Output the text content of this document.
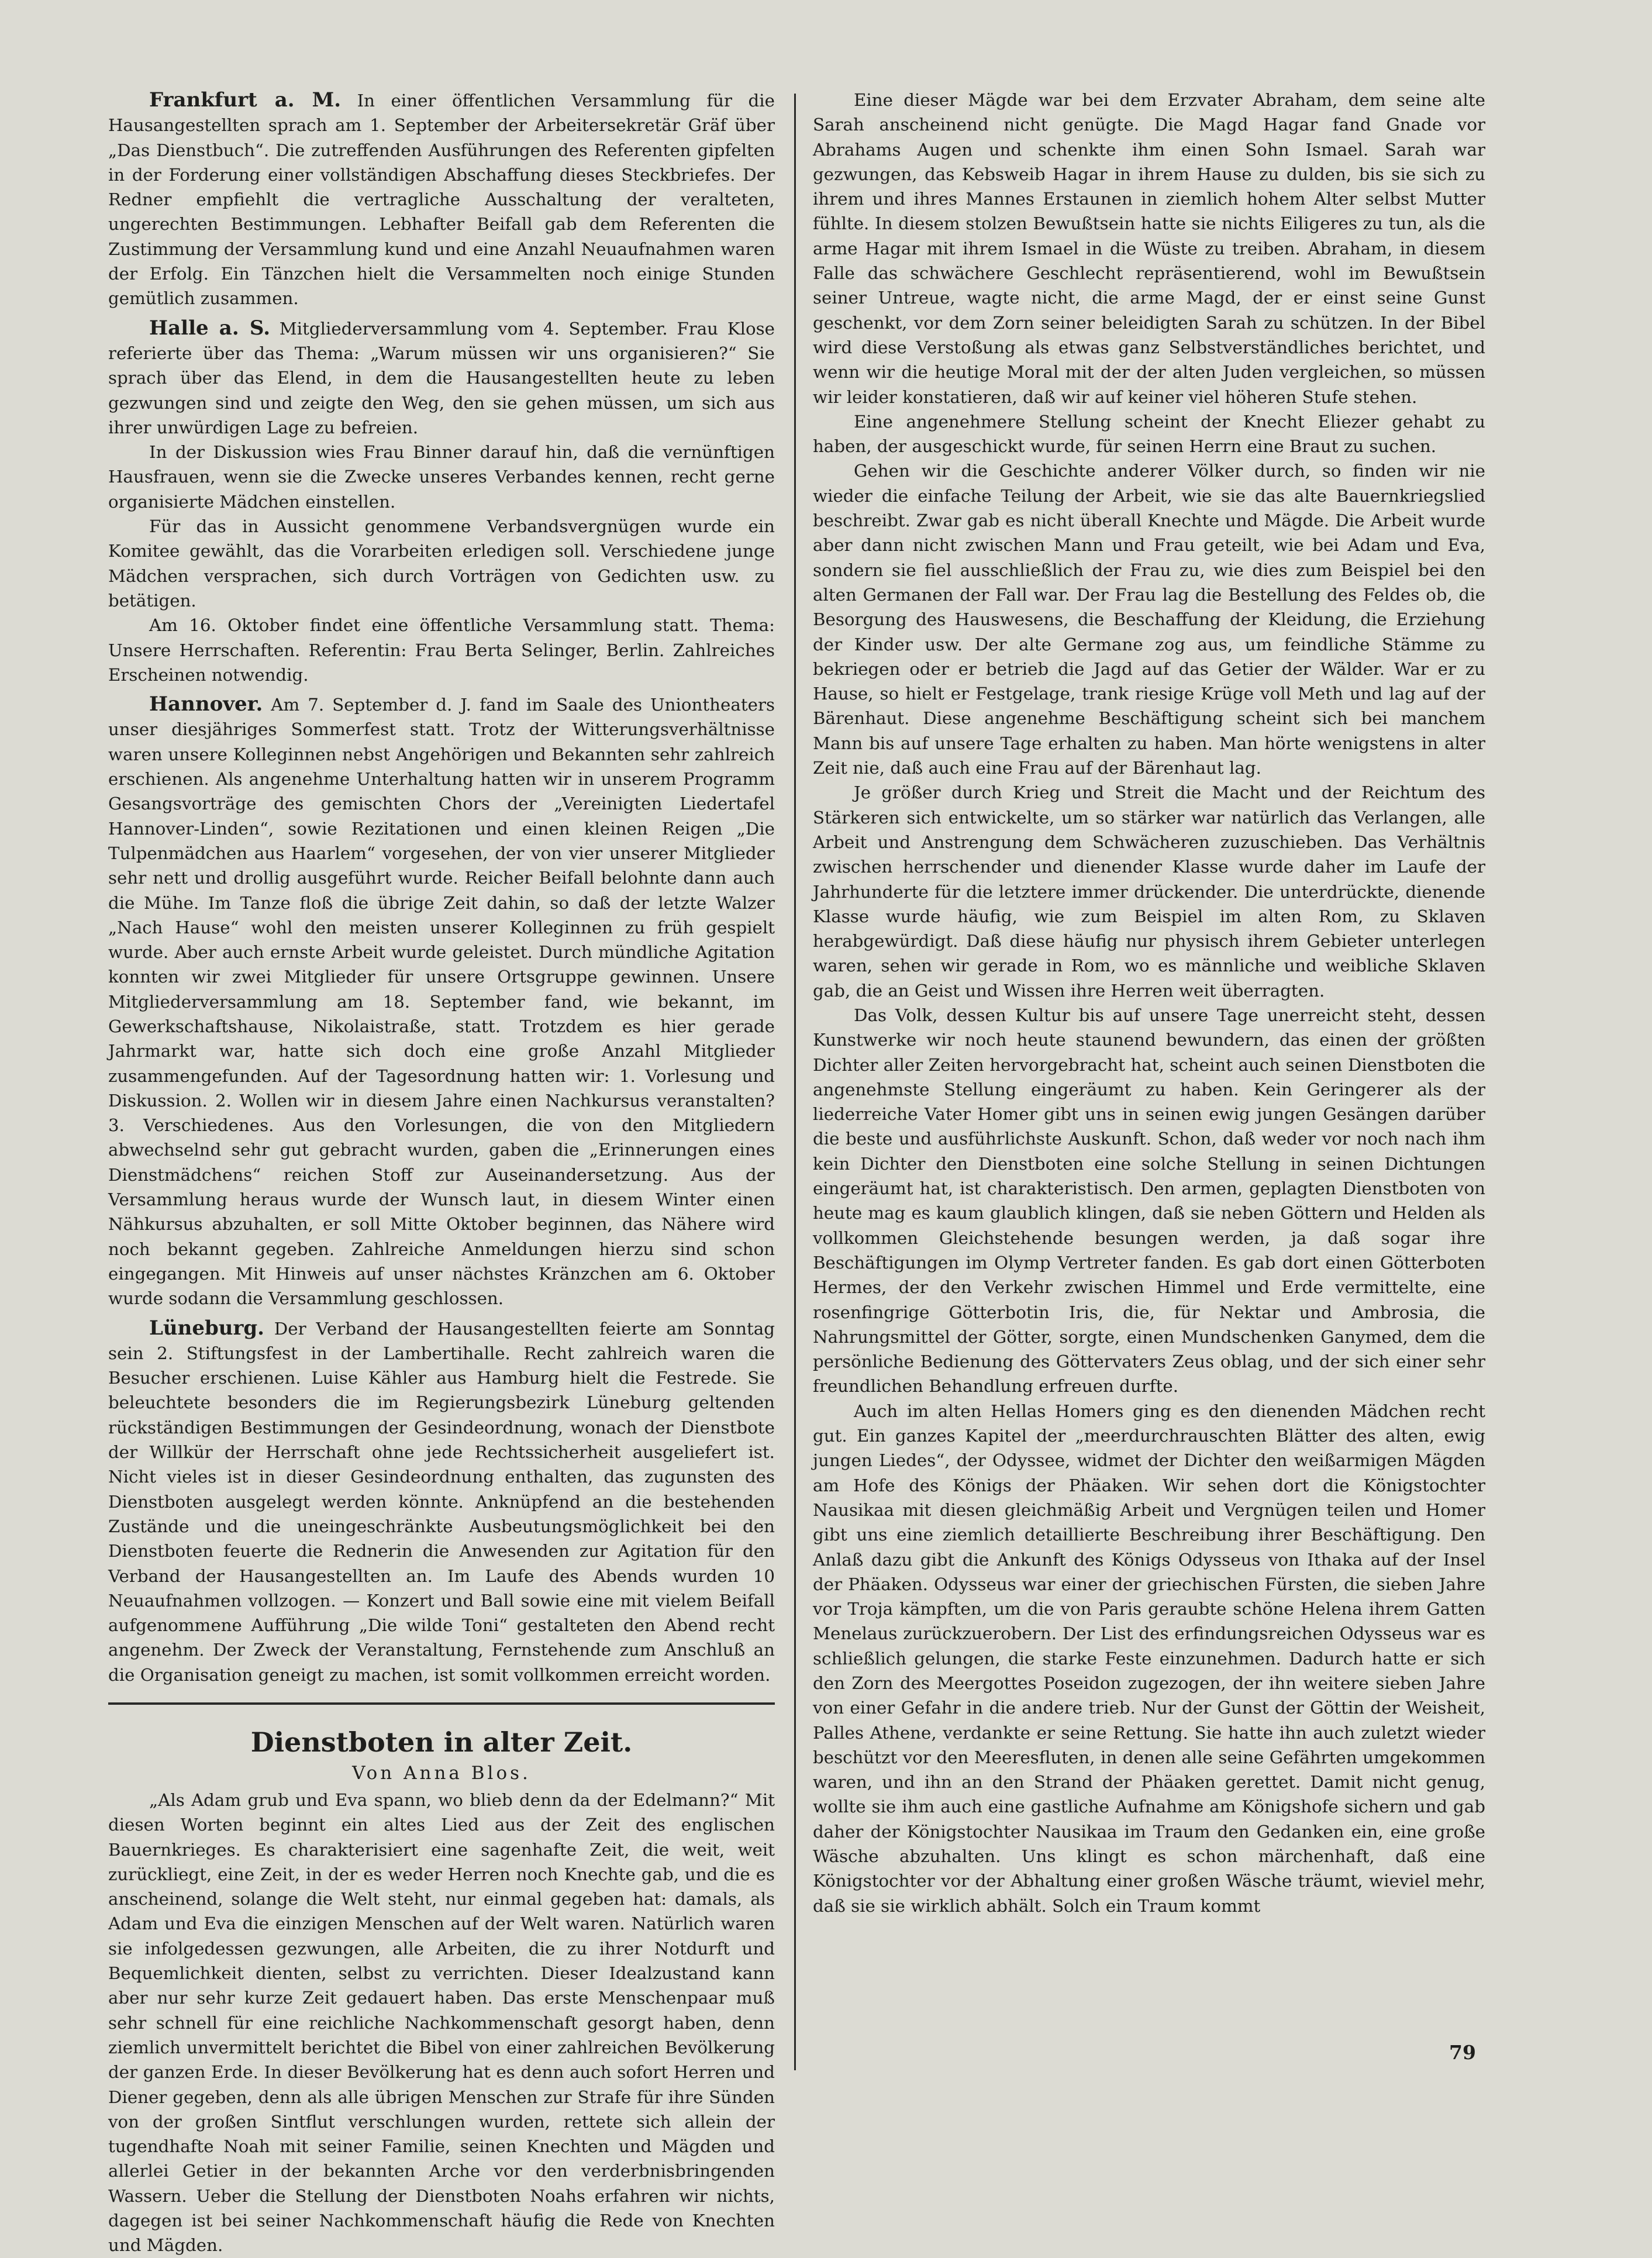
Frankfurt a. M. In einer öffentlichen Versammlung für die Hausangestellten sprach am 1. September der Arbeitersekretär Gräf über „Das Dienstbuch“. Die zutreffenden Ausführungen des Referenten gipfelten in der Forderung einer vollständigen Abschaffung dieses Steckbriefes. Der Redner empfiehlt die vertragliche Ausschaltung der veralteten, ungerechten Bestimmungen. Lebhafter Beifall gab dem Referenten die Zustimmung der Versammlung kund und eine Anzahl Neuaufnahmen waren der Erfolg. Ein Tänzchen hielt die Versammelten noch einige Stunden gemütlich zusammen.

Halle a. S. Mitgliederversammlung vom 4. September. Frau Klose referierte über das Thema: „Warum müssen wir uns organisieren?“ Sie sprach über das Elend, in dem die Hausangestellten heute zu leben gezwungen sind und zeigte den Weg, den sie gehen müssen, um sich aus ihrer unwürdigen Lage zu befreien.

In der Diskussion wies Frau Binner darauf hin, daß die vernünftigen Hausfrauen, wenn sie die Zwecke unseres Verbandes kennen, recht gerne organisierte Mädchen einstellen.

Für das in Aussicht genommene Verbandsvergnügen wurde ein Komitee gewählt, das die Vorarbeiten erledigen soll. Verschiedene junge Mädchen versprachen, sich durch Vorträgen von Gedichten usw. zu betätigen.

Am 16. Oktober findet eine öffentliche Versammlung statt. Thema: Unsere Herrschaften. Referentin: Frau Berta Selinger, Berlin. Zahlreiches Erscheinen notwendig.

Hannover. Am 7. September d. J. fand im Saale des Uniontheaters unser diesjähriges Sommerfest statt. Trotz der Witterungsverhältnisse waren unsere Kolleginnen nebst Angehörigen und Bekannten sehr zahlreich erschienen. Als angenehme Unterhaltung hatten wir in unserem Programm Gesangsvorträge des gemischten Chors der „Vereinigten Liedertafel Hannover-Linden“, sowie Rezitationen und einen kleinen Reigen „Die Tulpenmädchen aus Haarlem“ vorgesehen, der von vier unserer Mitglieder sehr nett und drollig ausgeführt wurde. Reicher Beifall belohnte dann auch die Mühe. Im Tanze floß die übrige Zeit dahin, so daß der letzte Walzer „Nach Hause“ wohl den meisten unserer Kolleginnen zu früh gespielt wurde. Aber auch ernste Arbeit wurde geleistet. Durch mündliche Agitation konnten wir zwei Mitglieder für unsere Ortsgruppe gewinnen. Unsere Mitgliederversammlung am 18. September fand, wie bekannt, im Gewerkschaftshause, Nikolaistraße, statt. Trotzdem es hier gerade Jahrmarkt war, hatte sich doch eine große Anzahl Mitglieder zusammengefunden. Auf der Tagesordnung hatten wir: 1. Vorlesung und Diskussion. 2. Wollen wir in diesem Jahre einen Nachkursus veranstalten? 3. Verschiedenes. Aus den Vorlesungen, die von den Mitgliedern abwechselnd sehr gut gebracht wurden, gaben die „Erinnerungen eines Dienstmädchens“ reichen Stoff zur Auseinandersetzung. Aus der Versammlung heraus wurde der Wunsch laut, in diesem Winter einen Nähkursus abzuhalten, er soll Mitte Oktober beginnen, das Nähere wird noch bekannt gegeben. Zahlreiche Anmeldungen hierzu sind schon eingegangen. Mit Hinweis auf unser nächstes Kränzchen am 6. Oktober wurde sodann die Versammlung geschlossen.

Lüneburg. Der Verband der Hausangestellten feierte am Sonntag sein 2. Stiftungsfest in der Lambertihalle. Recht zahlreich waren die Besucher erschienen. Luise Kähler aus Hamburg hielt die Festrede. Sie beleuchtete besonders die im Regierungsbezirk Lüneburg geltenden rückständigen Bestimmungen der Gesindeordnung, wonach der Dienstbote der Willkür der Herrschaft ohne jede Rechtssicherheit ausgeliefert ist. Nicht vieles ist in dieser Gesindeordnung enthalten, das zugunsten des Dienstboten ausgelegt werden könnte. Anknüpfend an die bestehenden Zustände und die uneingeschränkte Ausbeutungsmöglichkeit bei den Dienstboten feuerte die Rednerin die Anwesenden zur Agitation für den Verband der Hausangestellten an. Im Laufe des Abends wurden 10 Neuaufnahmen vollzogen. — Konzert und Ball sowie eine mit vielem Beifall aufgenommene Aufführung „Die wilde Toni“ gestalteten den Abend recht angenehm. Der Zweck der Veranstaltung, Fernstehende zum Anschluß an die Organisation geneigt zu machen, ist somit vollkommen erreicht worden.

Dienstboten in alter Zeit.

Von Anna Blos.

„Als Adam grub und Eva spann, wo blieb denn da der Edelmann?“ Mit diesen Worten beginnt ein altes Lied aus der Zeit des englischen Bauernkrieges. Es charakterisiert eine sagenhafte Zeit, die weit, weit zurückliegt, eine Zeit, in der es weder Herren noch Knechte gab, und die es anscheinend, solange die Welt steht, nur einmal gegeben hat: damals, als Adam und Eva die einzigen Menschen auf der Welt waren. Natürlich waren sie infolgedessen gezwungen, alle Arbeiten, die zu ihrer Notdurft und Bequemlichkeit dienten, selbst zu verrichten. Dieser Idealzustand kann aber nur sehr kurze Zeit gedauert haben. Das erste Menschenpaar muß sehr schnell für eine reichliche Nachkommenschaft gesorgt haben, denn ziemlich unvermittelt berichtet die Bibel von einer zahlreichen Bevölkerung der ganzen Erde. In dieser Bevölkerung hat es denn auch sofort Herren und Diener gegeben, denn als alle übrigen Menschen zur Strafe für ihre Sünden von der großen Sintflut verschlungen wurden, rettete sich allein der tugendhafte Noah mit seiner Familie, seinen Knechten und Mägden und allerlei Getier in der bekannten Arche vor den verderbnisbringenden Wassern. Ueber die Stellung der Dienstboten Noahs erfahren wir nichts, dagegen ist bei seiner Nachkommenschaft häufig die Rede von Knechten und Mägden.

Eine dieser Mägde war bei dem Erzvater Abraham, dem seine alte Sarah anscheinend nicht genügte. Die Magd Hagar fand Gnade vor Abrahams Augen und schenkte ihm einen Sohn Ismael. Sarah war gezwungen, das Kebsweib Hagar in ihrem Hause zu dulden, bis sie sich zu ihrem und ihres Mannes Erstaunen in ziemlich hohem Alter selbst Mutter fühlte. In diesem stolzen Bewußtsein hatte sie nichts Eiligeres zu tun, als die arme Hagar mit ihrem Ismael in die Wüste zu treiben. Abraham, in diesem Falle das schwächere Geschlecht repräsentierend, wohl im Bewußtsein seiner Untreue, wagte nicht, die arme Magd, der er einst seine Gunst geschenkt, vor dem Zorn seiner beleidigten Sarah zu schützen. In der Bibel wird diese Verstoßung als etwas ganz Selbstverständliches berichtet, und wenn wir die heutige Moral mit der der alten Juden vergleichen, so müssen wir leider konstatieren, daß wir auf keiner viel höheren Stufe stehen.

Eine angenehmere Stellung scheint der Knecht Eliezer gehabt zu haben, der ausgeschickt wurde, für seinen Herrn eine Braut zu suchen.

Gehen wir die Geschichte anderer Völker durch, so finden wir nie wieder die einfache Teilung der Arbeit, wie sie das alte Bauernkriegslied beschreibt. Zwar gab es nicht überall Knechte und Mägde. Die Arbeit wurde aber dann nicht zwischen Mann und Frau geteilt, wie bei Adam und Eva, sondern sie fiel ausschließlich der Frau zu, wie dies zum Beispiel bei den alten Germanen der Fall war. Der Frau lag die Bestellung des Feldes ob, die Besorgung des Hauswesens, die Beschaffung der Kleidung, die Erziehung der Kinder usw. Der alte Germane zog aus, um feindliche Stämme zu bekriegen oder er betrieb die Jagd auf das Getier der Wälder. War er zu Hause, so hielt er Festgelage, trank riesige Krüge voll Meth und lag auf der Bärenhaut. Diese angenehme Beschäftigung scheint sich bei manchem Mann bis auf unsere Tage erhalten zu haben. Man hörte wenigstens in alter Zeit nie, daß auch eine Frau auf der Bärenhaut lag.

Je größer durch Krieg und Streit die Macht und der Reichtum des Stärkeren sich entwickelte, um so stärker war natürlich das Verlangen, alle Arbeit und Anstrengung dem Schwächeren zuzuschieben. Das Verhältnis zwischen herrschender und dienender Klasse wurde daher im Laufe der Jahrhunderte für die letztere immer drückender. Die unterdrückte, dienende Klasse wurde häufig, wie zum Beispiel im alten Rom, zu Sklaven herabgewürdigt. Daß diese häufig nur physisch ihrem Gebieter unterlegen waren, sehen wir gerade in Rom, wo es männliche und weibliche Sklaven gab, die an Geist und Wissen ihre Herren weit überragten.

Das Volk, dessen Kultur bis auf unsere Tage unerreicht steht, dessen Kunstwerke wir noch heute staunend bewundern, das einen der größten Dichter aller Zeiten hervorgebracht hat, scheint auch seinen Dienstboten die angenehmste Stellung eingeräumt zu haben. Kein Geringerer als der liederreiche Vater Homer gibt uns in seinen ewig jungen Gesängen darüber die beste und ausführlichste Auskunft. Schon, daß weder vor noch nach ihm kein Dichter den Dienstboten eine solche Stellung in seinen Dichtungen eingeräumt hat, ist charakteristisch. Den armen, geplagten Dienstboten von heute mag es kaum glaublich klingen, daß sie neben Göttern und Helden als vollkommen Gleichstehende besungen werden, ja daß sogar ihre Beschäftigungen im Olymp Vertreter fanden. Es gab dort einen Götterboten Hermes, der den Verkehr zwischen Himmel und Erde vermittelte, eine rosenfingrige Götterbotin Iris, die, für Nektar und Ambrosia, die Nahrungsmittel der Götter, sorgte, einen Mundschenken Ganymed, dem die persönliche Bedienung des Göttervaters Zeus oblag, und der sich einer sehr freundlichen Behandlung erfreuen durfte.

Auch im alten Hellas Homers ging es den dienenden Mädchen recht gut. Ein ganzes Kapitel der „meerdurchrauschten Blätter des alten, ewig jungen Liedes“, der Odyssee, widmet der Dichter den weißarmigen Mägden am Hofe des Königs der Phäaken. Wir sehen dort die Königstochter Nausikaa mit diesen gleichmäßig Arbeit und Vergnügen teilen und Homer gibt uns eine ziemlich detaillierte Beschreibung ihrer Beschäftigung. Den Anlaß dazu gibt die Ankunft des Königs Odysseus von Ithaka auf der Insel der Phäaken. Odysseus war einer der griechischen Fürsten, die sieben Jahre vor Troja kämpften, um die von Paris geraubte schöne Helena ihrem Gatten Menelaus zurückzuerobern. Der List des erfindungsreichen Odysseus war es schließlich gelungen, die starke Feste einzunehmen. Dadurch hatte er sich den Zorn des Meergottes Poseidon zugezogen, der ihn weitere sieben Jahre von einer Gefahr in die andere trieb. Nur der Gunst der Göttin der Weisheit, Palles Athene, verdankte er seine Rettung. Sie hatte ihn auch zuletzt wieder beschützt vor den Meeresfluten, in denen alle seine Gefährten umgekommen waren, und ihn an den Strand der Phäaken gerettet. Damit nicht genug, wollte sie ihm auch eine gastliche Aufnahme am Königshofe sichern und gab daher der Königstochter Nausikaa im Traum den Gedanken ein, eine große Wäsche abzuhalten. Uns klingt es schon märchenhaft, daß eine Königstochter vor der Abhaltung einer großen Wäsche träumt, wieviel mehr, daß sie sie wirklich abhält. Solch ein Traum kommt

79
